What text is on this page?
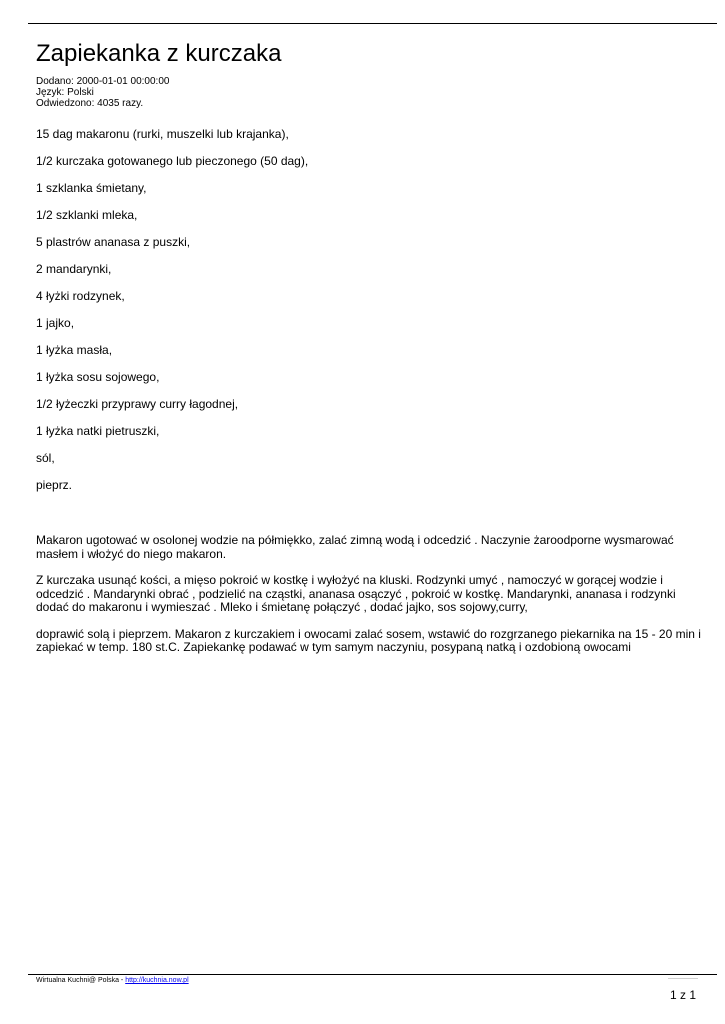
Zapiekanka z kurczaka
Dodano: 2000-01-01 00:00:00
Język: Polski
Odwiedzono: 4035 razy.
15 dag makaronu (rurki, muszelki lub krajanka),
1/2 kurczaka gotowanego lub pieczonego (50 dag),
1 szklanka śmietany,
1/2 szklanki mleka,
5 plastrów ananasa z puszki,
2 mandarynki,
4 łyżki rodzynek,
1 jajko,
1 łyżka masła,
1 łyżka sosu sojowego,
1/2 łyżeczki przyprawy curry łagodnej,
1 łyżka natki pietruszki,
sól,
pieprz.

Makaron ugotować w osolonej wodzie na półmiękko, zalać zimną wodą i odcedzić . Naczynie żaroodporne wysmarować masłem i włożyć do niego makaron.

Z kurczaka usunąć kości, a mięso pokroić w kostkę i wyłożyć na kluski. Rodzynki umyć , namoczyć w gorącej wodzie i odcedzić . Mandarynki obrać , podzielić na cząstki, ananasa osączyć , pokroić w kostkę. Mandarynki, ananasa i rodzynki dodać do makaronu i wymieszać . Mleko i śmietanę połączyć , dodać jajko, sos sojowy,curry,

doprawić solą i pieprzem. Makaron z kurczakiem i owocami zalać sosem, wstawić do rozgrzanego piekarnika na 15 - 20 min i zapiekać w temp. 180 st.C. Zapiekankę podawać w tym samym naczyniu, posypaną natką i ozdobioną owocami

Wirtualna Kuchni@ Polska - http://kuchnia.now.pl
1 z 1
